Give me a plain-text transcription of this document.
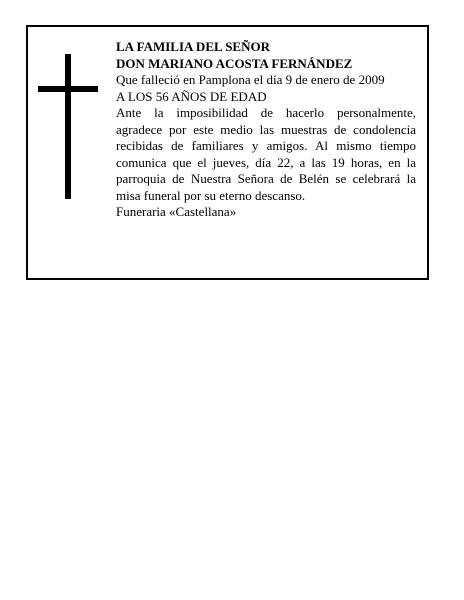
LA FAMILIA DEL SEÑOR

DON MARIANO ACOSTA FERNÁNDEZ

Que falleció en Pamplona el día 9 de enero de 2009

A LOS 56 AÑOS DE EDAD

Ante la imposibilidad de hacerlo personalmente, agradece por este medio las muestras de condolencia recibidas de familiares y amigos. Al mismo tiempo comunica que el jueves, día 22, a las 19 horas, en la parroquia de Nuestra Señora de Belén se celebrará la misa funeral por su eterno descanso.

Funeraria «Castellana»
